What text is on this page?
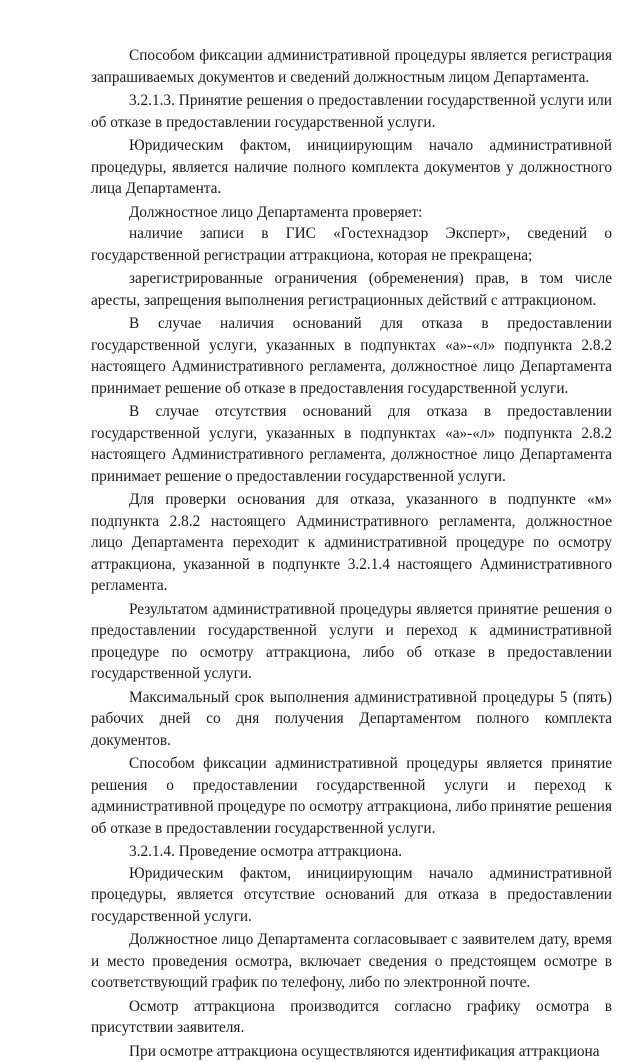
Способом фиксации административной процедуры является регистрация запрашиваемых документов и сведений должностным лицом Департамента.

3.2.1.3. Принятие решения о предоставлении государственной услуги или об отказе в предоставлении государственной услуги.

Юридическим фактом, инициирующим начало административной процедуры, является наличие полного комплекта документов у должностного лица Департамента.

Должностное лицо Департамента проверяет:

наличие записи в ГИС «Гостехнадзор Эксперт», сведений о государственной регистрации аттракциона, которая не прекращена;

зарегистрированные ограничения (обременения) прав, в том числе аресты, запрещения выполнения регистрационных действий с аттракционом.

В случае наличия оснований для отказа в предоставлении государственной услуги, указанных в подпунктах «а»-«л» подпункта 2.8.2 настоящего Административного регламента, должностное лицо Департамента принимает решение об отказе в предоставления государственной услуги.

В случае отсутствия оснований для отказа в предоставлении государственной услуги, указанных в подпунктах «а»-«л» подпункта 2.8.2 настоящего Административного регламента, должностное лицо Департамента принимает решение о предоставлении государственной услуги.

Для проверки основания для отказа, указанного в подпункте «м» подпункта 2.8.2 настоящего Административного регламента, должностное лицо Департамента переходит к административной процедуре по осмотру аттракциона, указанной в подпункте 3.2.1.4 настоящего Административного регламента.

Результатом административной процедуры является принятие решения о предоставлении государственной услуги и переход к административной процедуре по осмотру аттракциона, либо об отказе в предоставлении государственной услуги.

Максимальный срок выполнения административной процедуры 5 (пять) рабочих дней со дня получения Департаментом полного комплекта документов.

Способом фиксации административной процедуры является принятие решения о предоставлении государственной услуги и переход к административной процедуре по осмотру аттракциона, либо принятие решения об отказе в предоставлении государственной услуги.

3.2.1.4. Проведение осмотра аттракциона.

Юридическим фактом, инициирующим начало административной процедуры, является отсутствие оснований для отказа в предоставлении государственной услуги.

Должностное лицо Департамента согласовывает с заявителем дату, время и место проведения осмотра, включает сведения о предстоящем осмотре в соответствующий график по телефону, либо по электронной почте.

Осмотр аттракциона производится согласно графику осмотра в присутствии заявителя.

При осмотре аттракциона осуществляются идентификация аттракциона
